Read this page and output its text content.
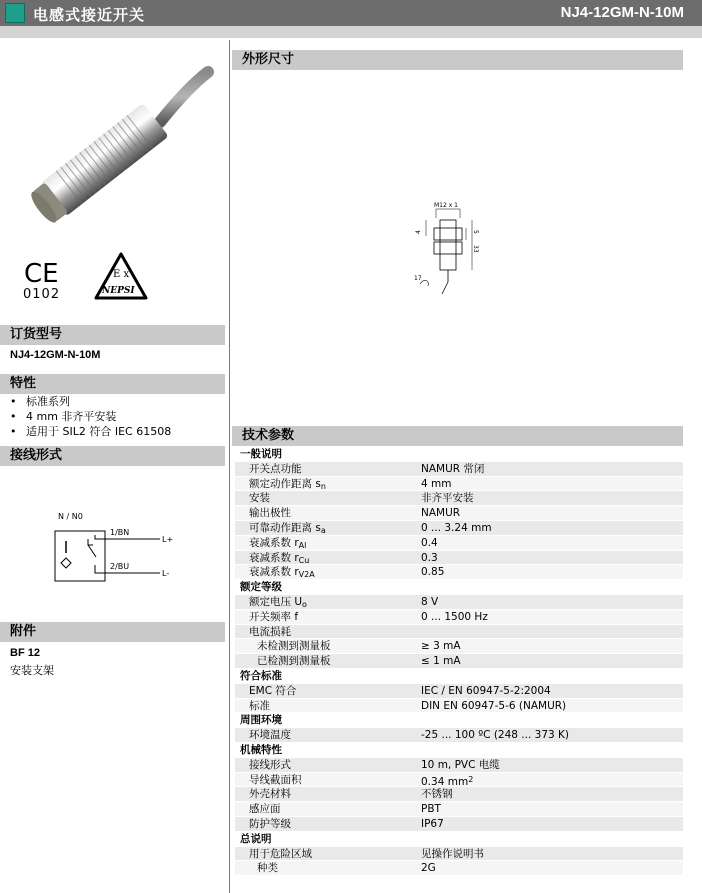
电感式接近开关	NJ4-12GM-N-10M
CE
0102
E x
NEPSI
订货型号
NJ4-12GM-N-10M
特性
• 标准系列
• 4 mm 非齐平安装
• 适用于 SIL2 符合 IEC 61508
接线形式
N / N0
1/BN
2/BU
L+
L-
附件
BF 12
安装支架
外形尺寸
M12 x 1
5
33
4
17
技术参数
一般说明
开关点功能	NAMUR 常闭
额定动作距离 $s_n$	4 mm
安装	非齐平安装
输出极性	NAMUR
可靠动作距离 $s_a$	0 ... 3.24 mm
衰减系数 $r_{Al}$	0.4
衰减系数 $r_{Cu}$	0.3
衰减系数 $r_{V2A}$	0.85
额定等级
额定电压 $U_o$	8 V
开关频率 f	0 ... 1500 Hz
电流损耗
未检测到测量板	≥ 3 mA
已检测到测量板	≤ 1 mA
符合标准
EMC 符合	IEC / EN 60947-5-2:2004
标准	DIN EN 60947-5-6 (NAMUR)
周围环境
环境温度	-25 ... 100 ºC (248 ... 373 K)
机械特性
接线形式	10 m, PVC 电缆
导线截面积	0.34 $mm^2$
外壳材料	不锈钢
感应面	PBT
防护等级	IP67
总说明
用于危险区域	见操作说明书
种类	2G
